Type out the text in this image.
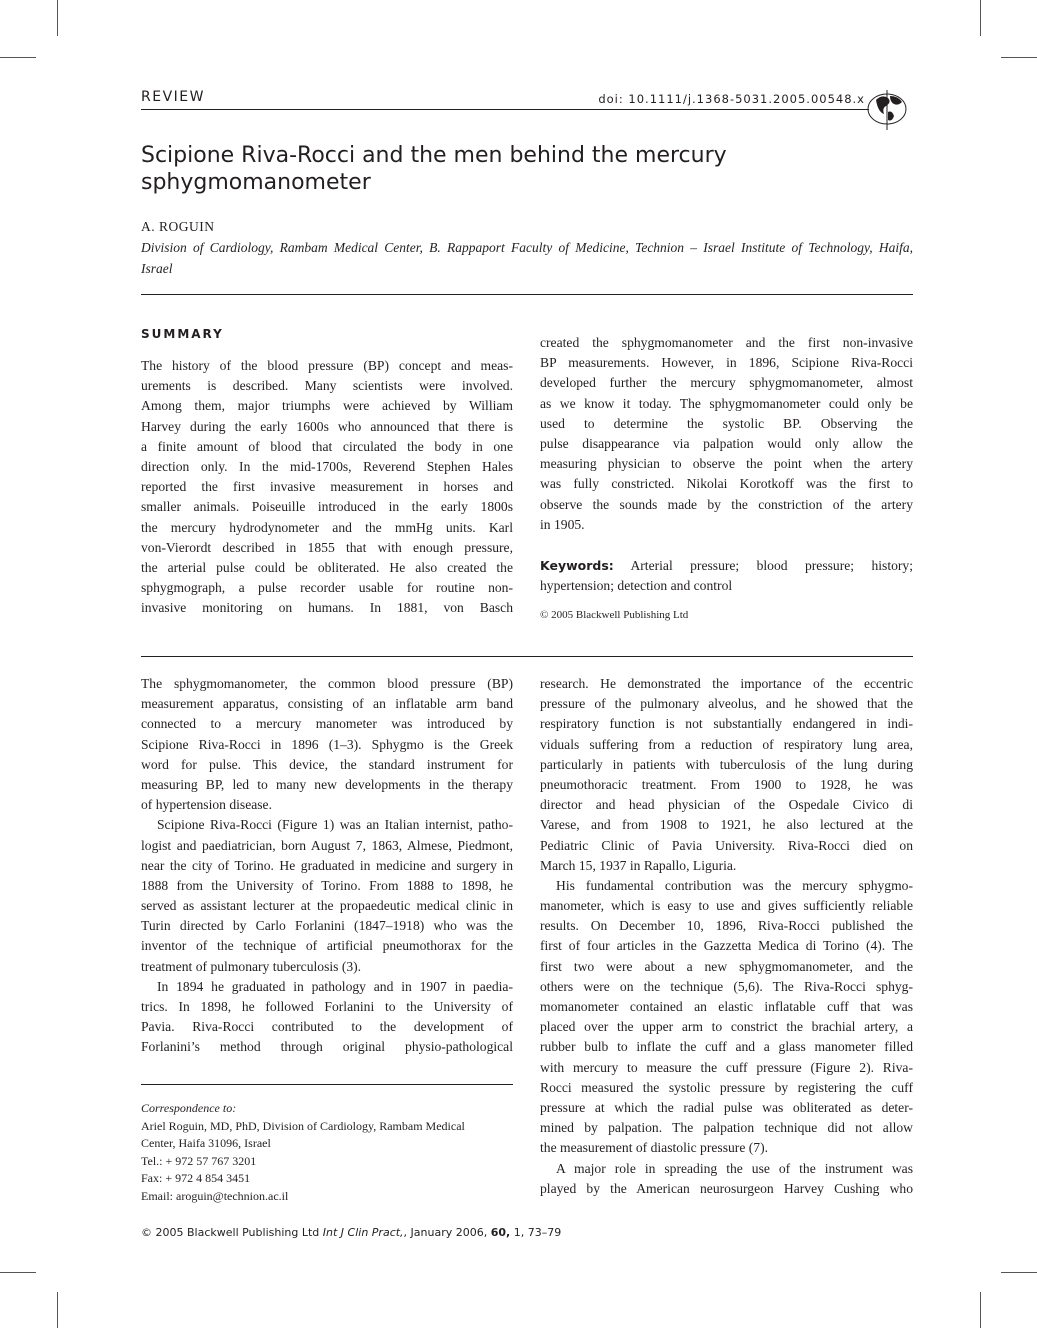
REVIEW	doi: 10.1111/j.1368-5031.2005.00548.x
Scipione Riva-Rocci and the men behind the mercury
sphygmomanometer
A. ROGUIN
Division of Cardiology, Rambam Medical Center, B. Rappaport Faculty of Medicine, Technion – Israel Institute of Technology, Haifa,
Israel
SUMMARY
The history of the blood pressure (BP) concept and meas-
urements is described. Many scientists were involved.
Among them, major triumphs were achieved by William
Harvey during the early 1600s who announced that there is
a finite amount of blood that circulated the body in one
direction only. In the mid-1700s, Reverend Stephen Hales
reported the first invasive measurement in horses and
smaller animals. Poiseuille introduced in the early 1800s
the mercury hydrodynometer and the mmHg units. Karl
von-Vierordt described in 1855 that with enough pressure,
the arterial pulse could be obliterated. He also created the
sphygmograph, a pulse recorder usable for routine non-
invasive monitoring on humans. In 1881, von Basch
created the sphygmomanometer and the first non-invasive
BP measurements. However, in 1896, Scipione Riva-Rocci
developed further the mercury sphygmomanometer, almost
as we know it today. The sphygmomanometer could only be
used to determine the systolic BP. Observing the
pulse disappearance via palpation would only allow the
measuring physician to observe the point when the artery
was fully constricted. Nikolai Korotkoff was the first to
observe the sounds made by the constriction of the artery
in 1905.
Keywords: Arterial pressure; blood pressure; history;
hypertension; detection and control
© 2005 Blackwell Publishing Ltd
The sphygmomanometer, the common blood pressure (BP)
measurement apparatus, consisting of an inflatable arm band
connected to a mercury manometer was introduced by
Scipione Riva-Rocci in 1896 (1–3). Sphygmo is the Greek
word for pulse. This device, the standard instrument for
measuring BP, led to many new developments in the therapy
of hypertension disease.
Scipione Riva-Rocci (Figure 1) was an Italian internist, patho-
logist and paediatrician, born August 7, 1863, Almese, Piedmont,
near the city of Torino. He graduated in medicine and surgery in
1888 from the University of Torino. From 1888 to 1898, he
served as assistant lecturer at the propaedeutic medical clinic in
Turin directed by Carlo Forlanini (1847–1918) who was the
inventor of the technique of artificial pneumothorax for the
treatment of pulmonary tuberculosis (3).
In 1894 he graduated in pathology and in 1907 in paedia-
trics. In 1898, he followed Forlanini to the University of
Pavia. Riva-Rocci contributed to the development of
Forlanini’s method through original physio-pathological
research. He demonstrated the importance of the eccentric
pressure of the pulmonary alveolus, and he showed that the
respiratory function is not substantially endangered in indi-
viduals suffering from a reduction of respiratory lung area,
particularly in patients with tuberculosis of the lung during
pneumothoracic treatment. From 1900 to 1928, he was
director and head physician of the Ospedale Civico di
Varese, and from 1908 to 1921, he also lectured at the
Pediatric Clinic of Pavia University. Riva-Rocci died on
March 15, 1937 in Rapallo, Liguria.
His fundamental contribution was the mercury sphygmo-
manometer, which is easy to use and gives sufficiently reliable
results. On December 10, 1896, Riva-Rocci published the
first of four articles in the Gazzetta Medica di Torino (4). The
first two were about a new sphygmomanometer, and the
others were on the technique (5,6). The Riva-Rocci sphyg-
momanometer contained an elastic inflatable cuff that was
placed over the upper arm to constrict the brachial artery, a
rubber bulb to inflate the cuff and a glass manometer filled
with mercury to measure the cuff pressure (Figure 2). Riva-
Rocci measured the systolic pressure by registering the cuff
pressure at which the radial pulse was obliterated as deter-
mined by palpation. The palpation technique did not allow
the measurement of diastolic pressure (7).
A major role in spreading the use of the instrument was
played by the American neurosurgeon Harvey Cushing who
Correspondence to:
Ariel Roguin, MD, PhD, Division of Cardiology, Rambam Medical
Center, Haifa 31096, Israel
Tel.: + 972 57 767 3201
Fax: + 972 4 854 3451
Email: aroguin@technion.ac.il
© 2005 Blackwell Publishing Ltd Int J Clin Pract,, January 2006, 60, 1, 73–79
